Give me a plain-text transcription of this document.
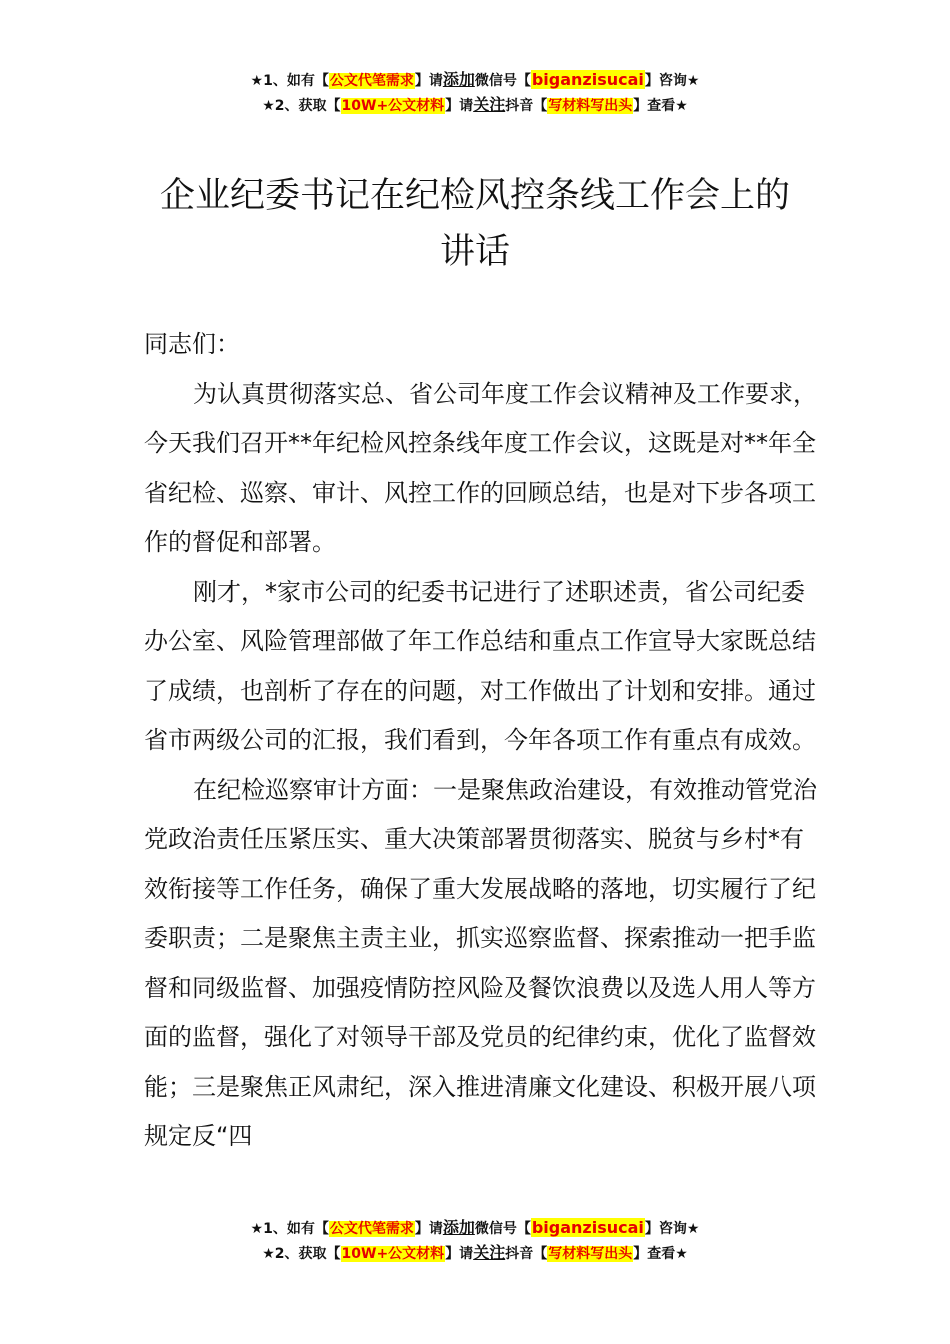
★1、如有【公文代笔需求】请添加微信号【biganzisucai】咨询★
★2、获取【10W+公文材料】请关注抖音【写材料写出头】查看★
企业纪委书记在纪检风控条线工作会上的
讲话

同志们：

为认真贯彻落实总、省公司年度工作会议精神及工作要求，今天我们召开**年纪检风控条线年度工作会议，这既是对**年全省纪检、巡察、审计、风控工作的回顾总结，也是对下步各项工作的督促和部署。

刚才，*家市公司的纪委书记进行了述职述责，省公司纪委办公室、风险管理部做了年工作总结和重点工作宣导大家既总结了成绩，也剖析了存在的问题，对工作做出了计划和安排。通过省市两级公司的汇报，我们看到，今年各项工作有重点有成效。

在纪检巡察审计方面：一是聚焦政治建设，有效推动管党治党政治责任压紧压实、重大决策部署贯彻落实、脱贫与乡村*有效衔接等工作任务，确保了重大发展战略的落地，切实履行了纪委职责；二是聚焦主责主业，抓实巡察监督、探索推动一把手监督和同级监督、加强疫情防控风险及餐饮浪费以及选人用人等方面的监督，强化了对领导干部及党员的纪律约束，优化了监督效能；三是聚焦正风肃纪，深入推进清廉文化建设、积极开展八项规定反“四

★1、如有【公文代笔需求】请添加微信号【biganzisucai】咨询★
★2、获取【10W+公文材料】请关注抖音【写材料写出头】查看★
